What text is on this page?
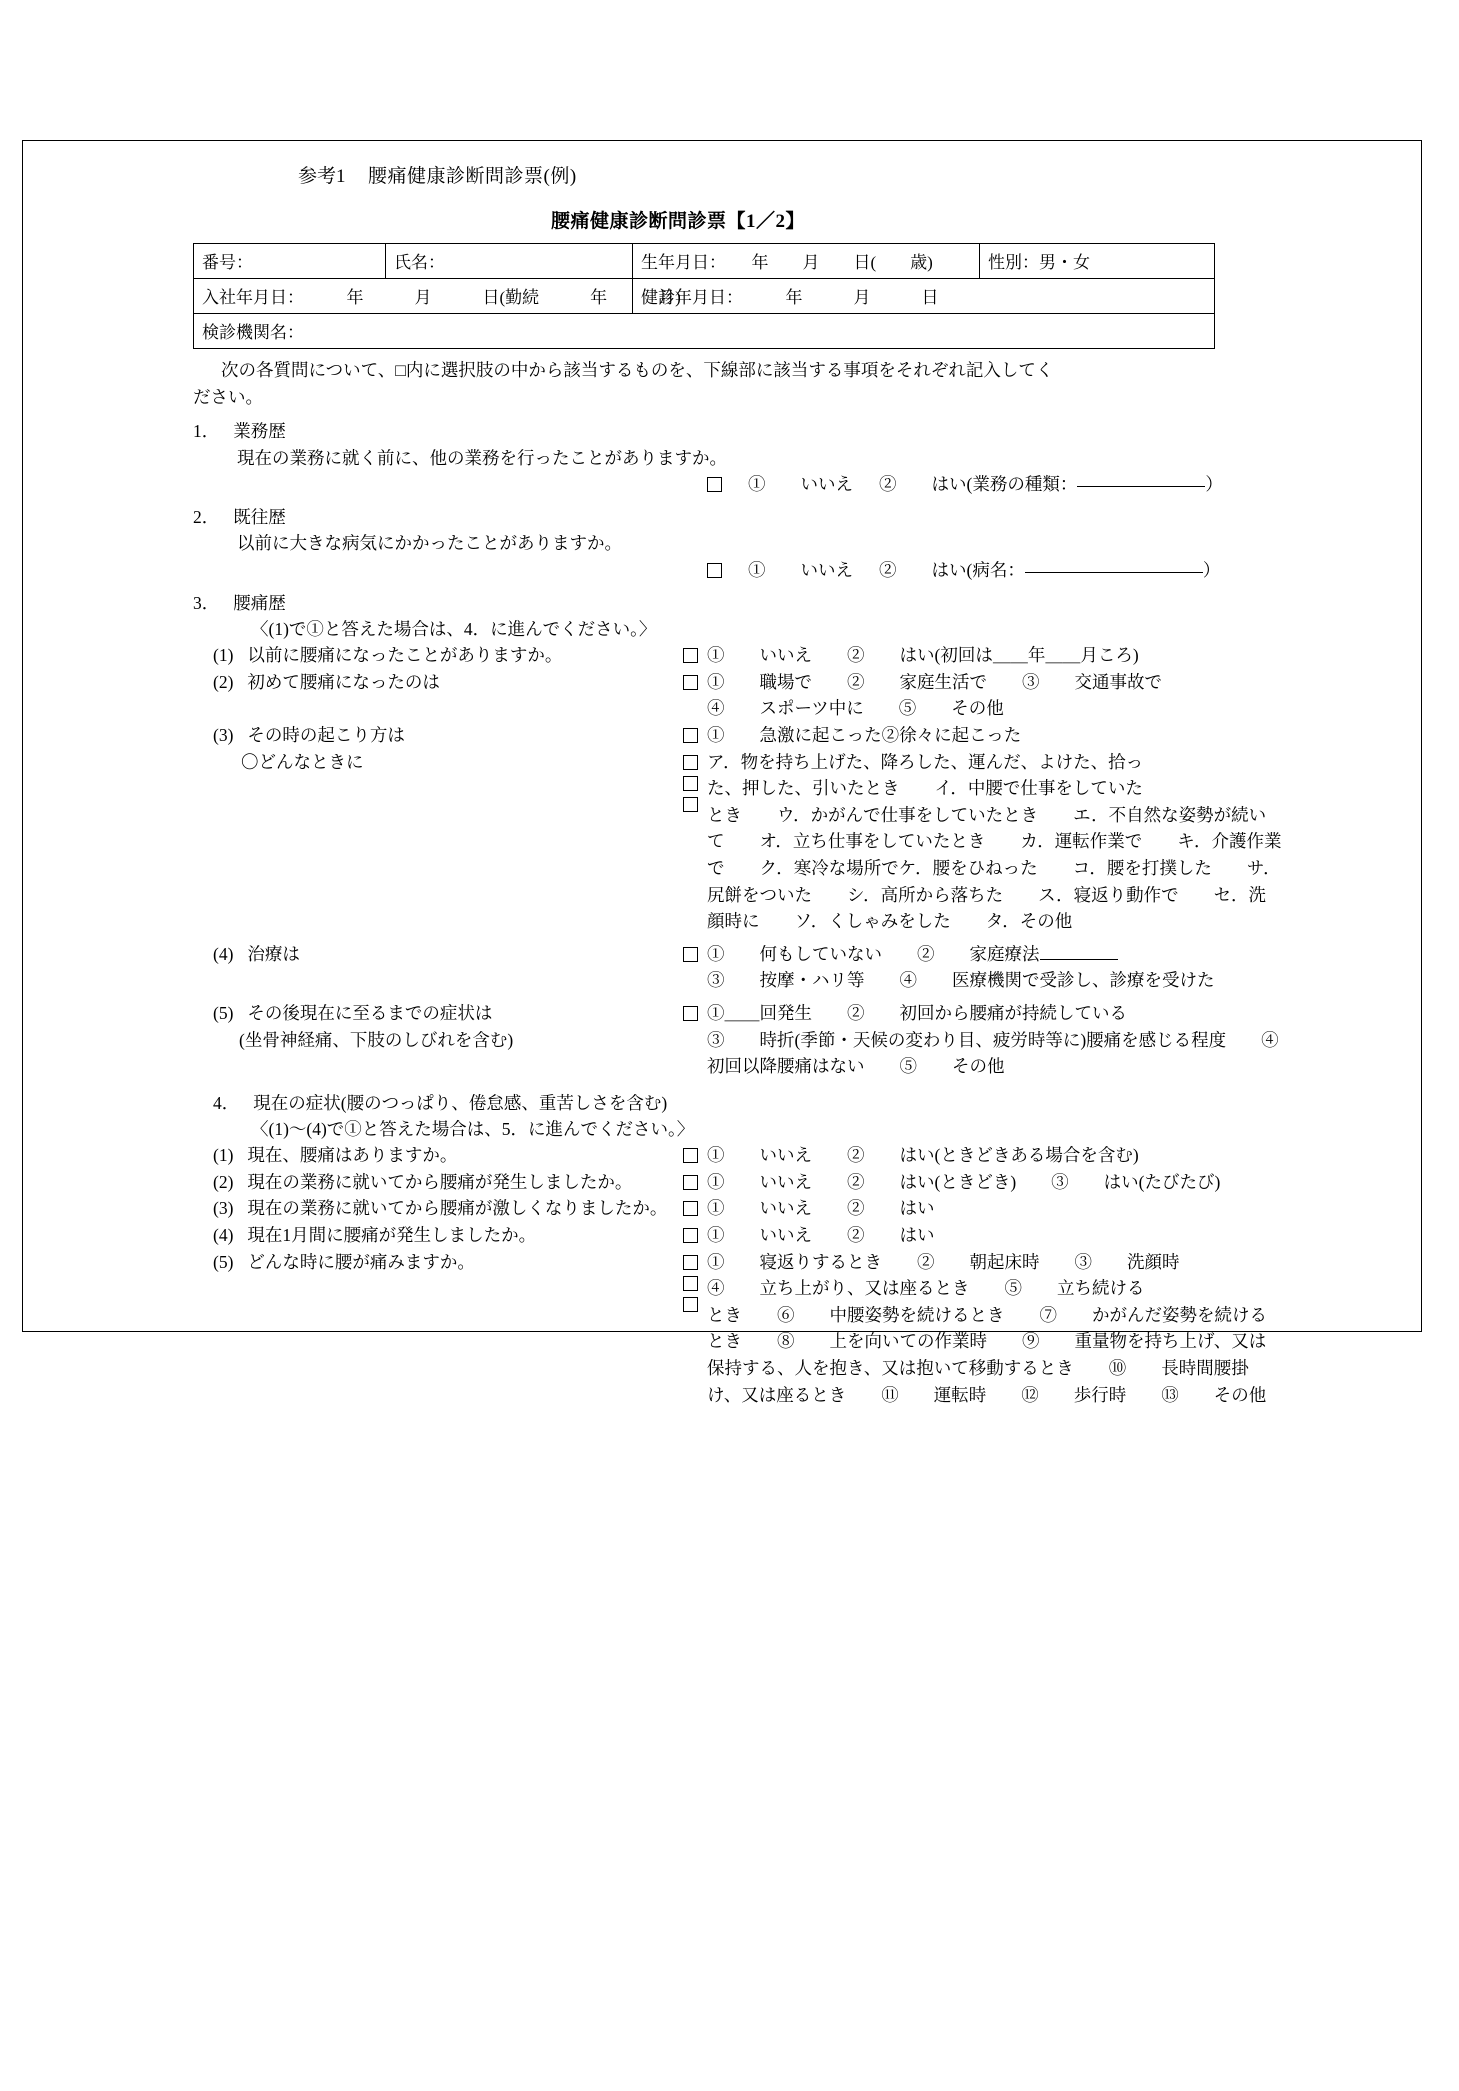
参考1	腰痛健康診断問診票(例)
腰痛健康診断問診票【1／2】
番号：	氏名：	生年月日：　　年　　月　　日(　　歳)	性別：男・女
入社年月日：　　　年　　　月　　　日(勤続　　　年　　　月)		健診年月日：　　　年　　　月　　　日	
検診機関名：			
次の各質問について、□内に選択肢の中から該当するものを、下線部に該当する事項をそれぞれ記入してく
ださい。
1． 業務歴
現在の業務に就く前に、他の業務を行ったことがありますか。
①　　いいえ ②　　はい(業務の種類：	）
2． 既往歴
以前に大きな病気にかかったことがありますか。
①　　いいえ ②　　はい(病名：	）
3． 腰痛歴
〈(1)で①と答えた場合は、4．に進んでください。〉
(1) 以前に腰痛になったことがありますか。	①　　いいえ　　②　　はい(初回は＿＿年＿＿月ころ)
(2) 初めて腰痛になったのは	①　　職場で　　②　　家庭生活で　　③　　交通事故で
④　　スポーツ中に　　⑤　　その他
(3) その時の起こり方は	①　　急激に起こった②徐々に起こった
〇どんなときに	ア．物を持ち上げた、降ろした、運んだ、よけた、拾っ
た、押した、引いたとき　　イ．中腰で仕事をしていた
とき　　ウ．かがんで仕事をしていたとき　　エ．不自然な姿勢が続いて　　オ．立ち仕事をしていたとき　　カ．運転作業で　　キ．介護作業で　　ク．寒冷な場所でケ．腰をひねった　　コ．腰を打撲した　　サ．尻餅をついた　　シ．高所から落ちた　　ス．寝返り動作で　　セ．洗顔時に　　ソ．くしゃみをした　　タ．その他
(4) 治療は	①　　何もしていない　　②　　家庭療法
③　　按摩・ハリ等　　④　　医療機関で受診し、診療を受けた
(5) その後現在に至るまでの症状は
(坐骨神経痛、下肢のしびれを含む)
①＿＿回発生　　②　　初回から腰痛が持続している
③　　時折(季節・天候の変わり目、疲労時等に)腰痛を感じる程度　　④　　初回以降腰痛はない　　⑤　　その他
4． 現在の症状(腰のつっぱり、倦怠感、重苦しさを含む)
〈(1)～(4)で①と答えた場合は、5．に進んでください。〉
(1) 現在、腰痛はありますか。	①　　いいえ　　②　　はい(ときどきある場合を含む)
(2) 現在の業務に就いてから腰痛が発生しましたか。	①　　いいえ　　②　　はい(ときどき)　　③　　はい(たびたび)
(3) 現在の業務に就いてから腰痛が激しくなりましたか。	①　　いいえ　　②　　はい
(4) 現在1月間に腰痛が発生しましたか。	①　　いいえ　　②　　はい
(5) どんな時に腰が痛みますか。	①　　寝返りするとき　　②　　朝起床時　　③　　洗顔時
④　　立ち上がり、又は座るとき　　⑤　　立ち続ける
とき　　⑥　　中腰姿勢を続けるとき　　⑦　　かがんだ姿勢を続けるとき　　⑧　　上を向いての作業時　　⑨　　重量物を持ち上げ、又は保持する、人を抱き、又は抱いて移動するとき　　⑩　　長時間腰掛け、又は座るとき　　⑪　　運転時　　⑫　　歩行時　　⑬　　その他
